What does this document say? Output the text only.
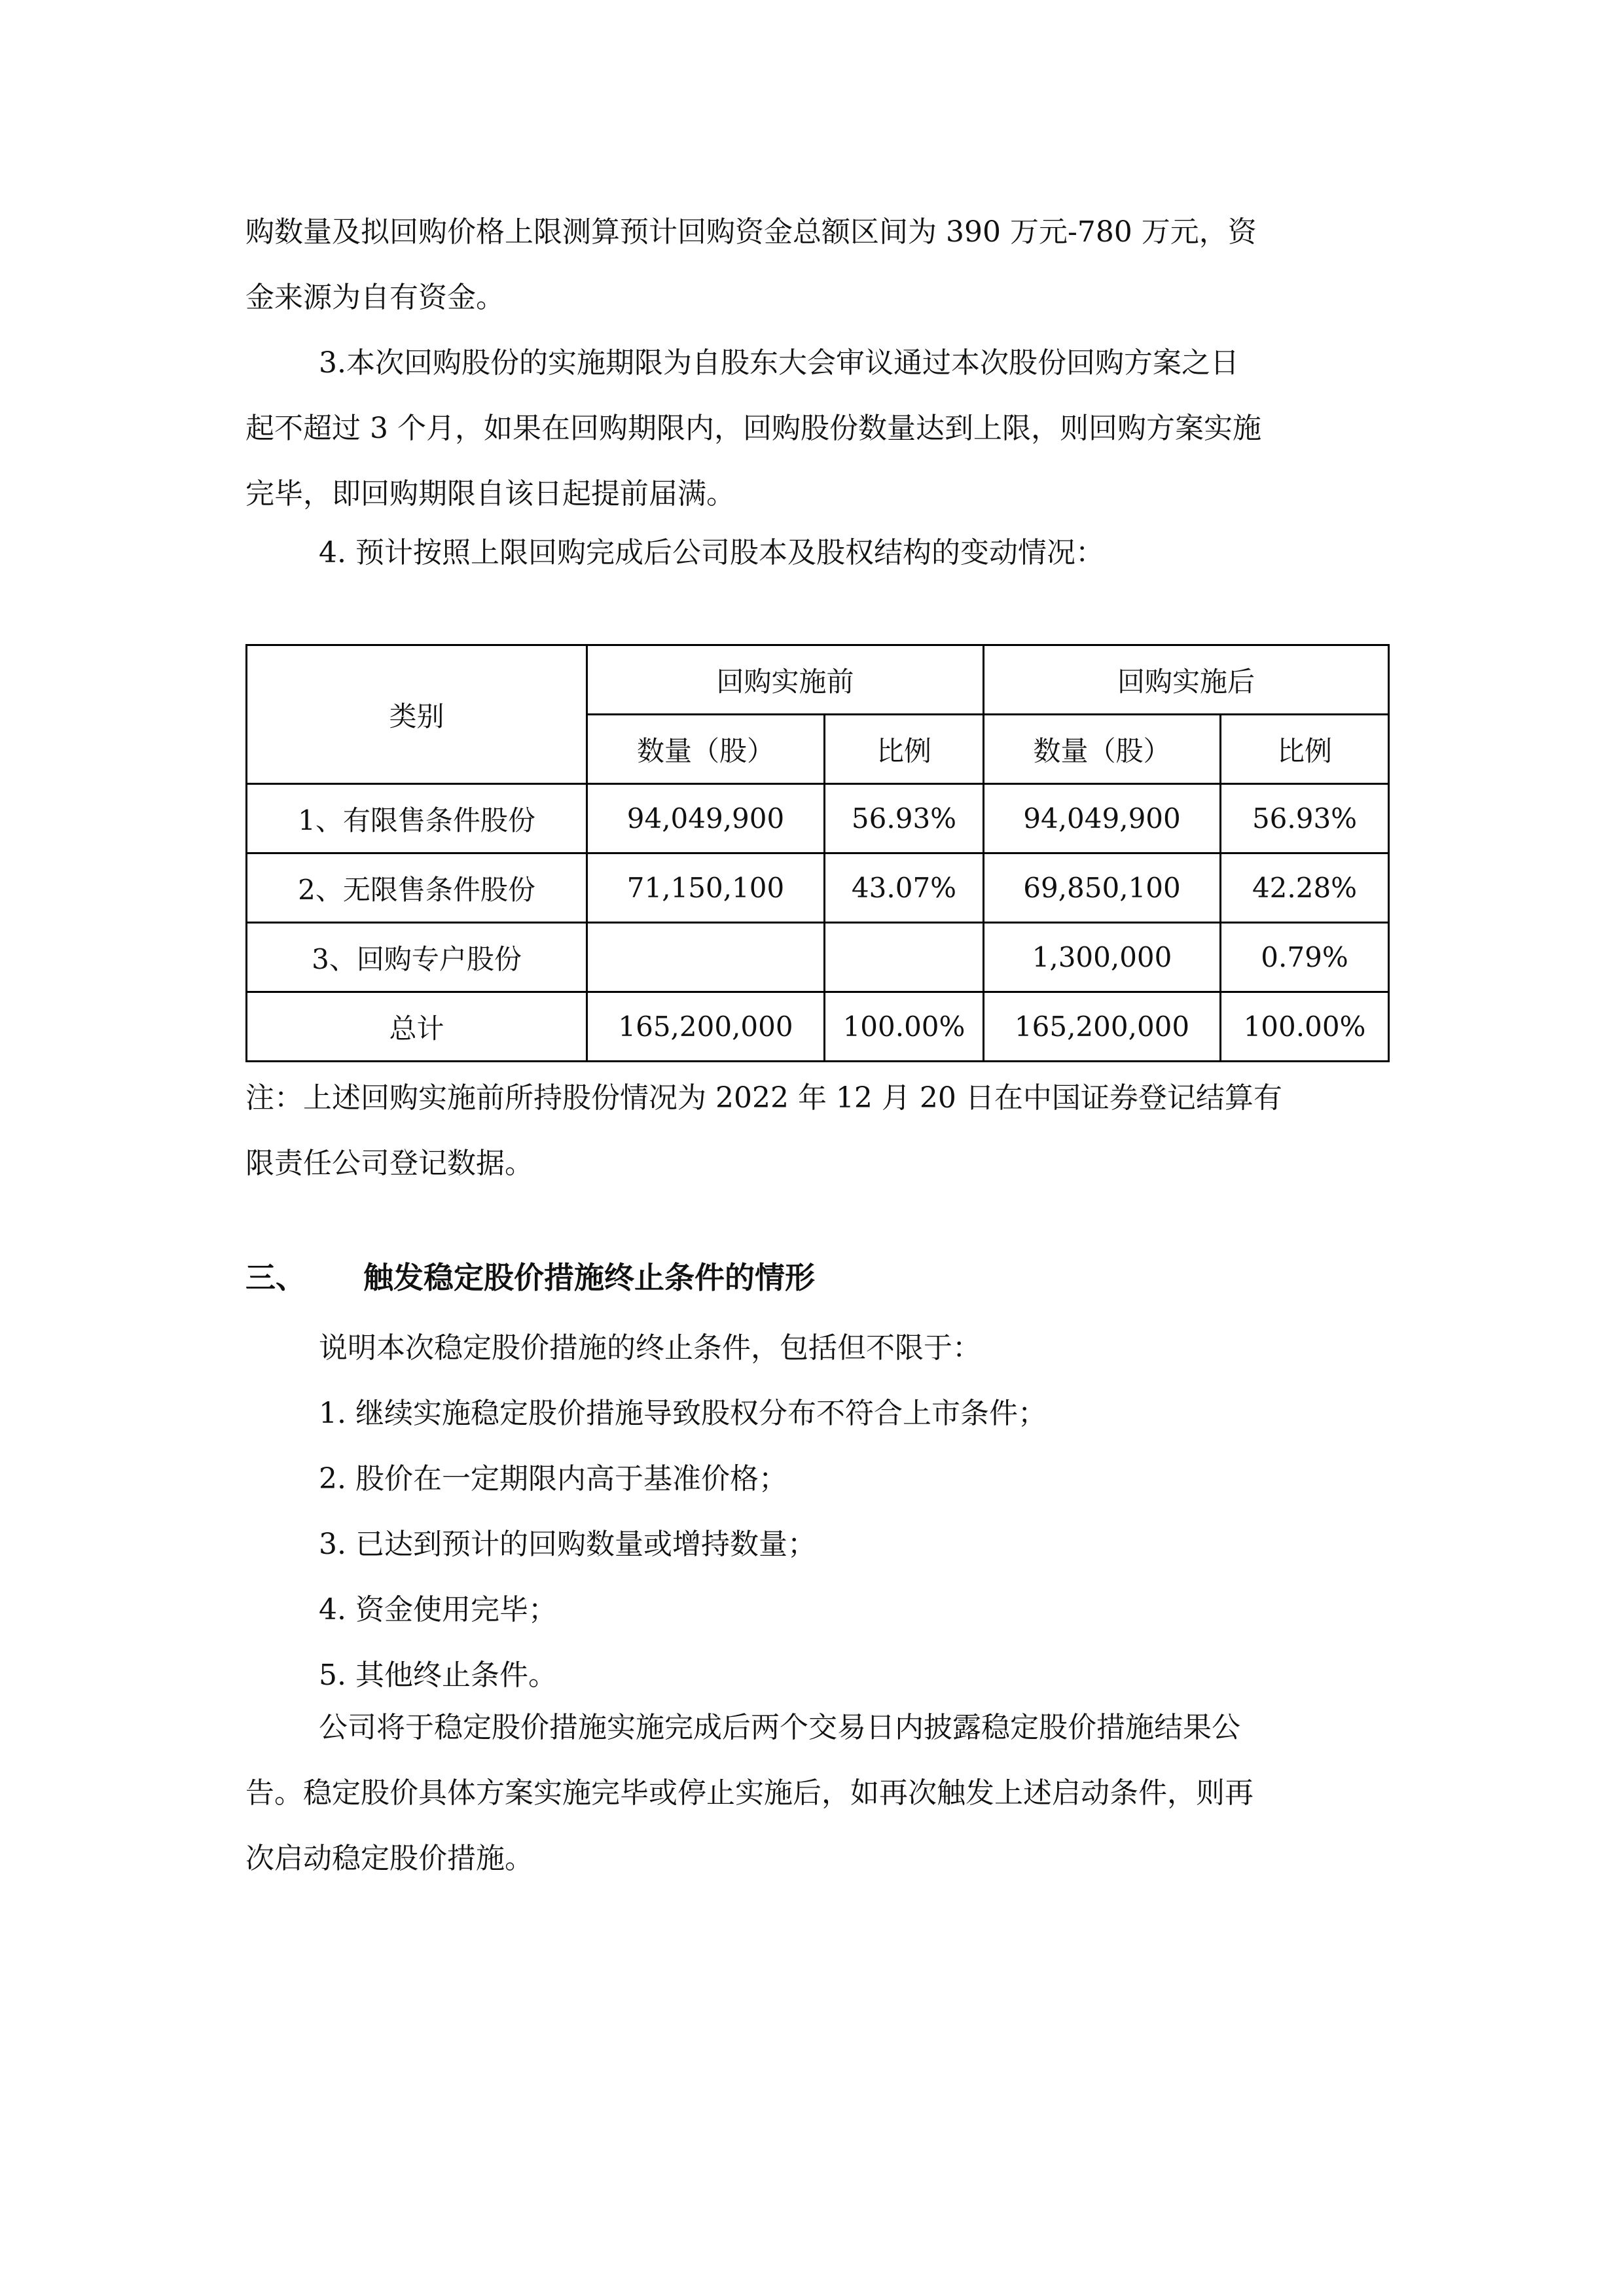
购数量及拟回购价格上限测算预计回购资金总额区间为 390 万元-780 万元，资
金来源为自有资金。

3.本次回购股份的实施期限为自股东大会审议通过本次股份回购方案之日
起不超过 3 个月，如果在回购期限内，回购股份数量达到上限，则回购方案实施
完毕，即回购期限自该日起提前届满。

4. 预计按照上限回购完成后公司股本及股权结构的变动情况：

类别	回购实施前		回购实施后	
	数量（股）	比例	数量（股）	比例
1、有限售条件股份	94,049,900	56.93%	94,049,900	56.93%
2、无限售条件股份	71,150,100	43.07%	69,850,100	42.28%
3、回购专户股份			1,300,000	0.79%
总计	165,200,000	100.00%	165,200,000	100.00%

注：上述回购实施前所持股份情况为 2022 年 12 月 20 日在中国证券登记结算有
限责任公司登记数据。

三、 触发稳定股价措施终止条件的情形

说明本次稳定股价措施的终止条件，包括但不限于：
1. 继续实施稳定股价措施导致股权分布不符合上市条件；
2. 股价在一定期限内高于基准价格；
3. 已达到预计的回购数量或增持数量；
4. 资金使用完毕；
5. 其他终止条件。

公司将于稳定股价措施实施完成后两个交易日内披露稳定股价措施结果公
告。稳定股价具体方案实施完毕或停止实施后，如再次触发上述启动条件，则再
次启动稳定股价措施。
